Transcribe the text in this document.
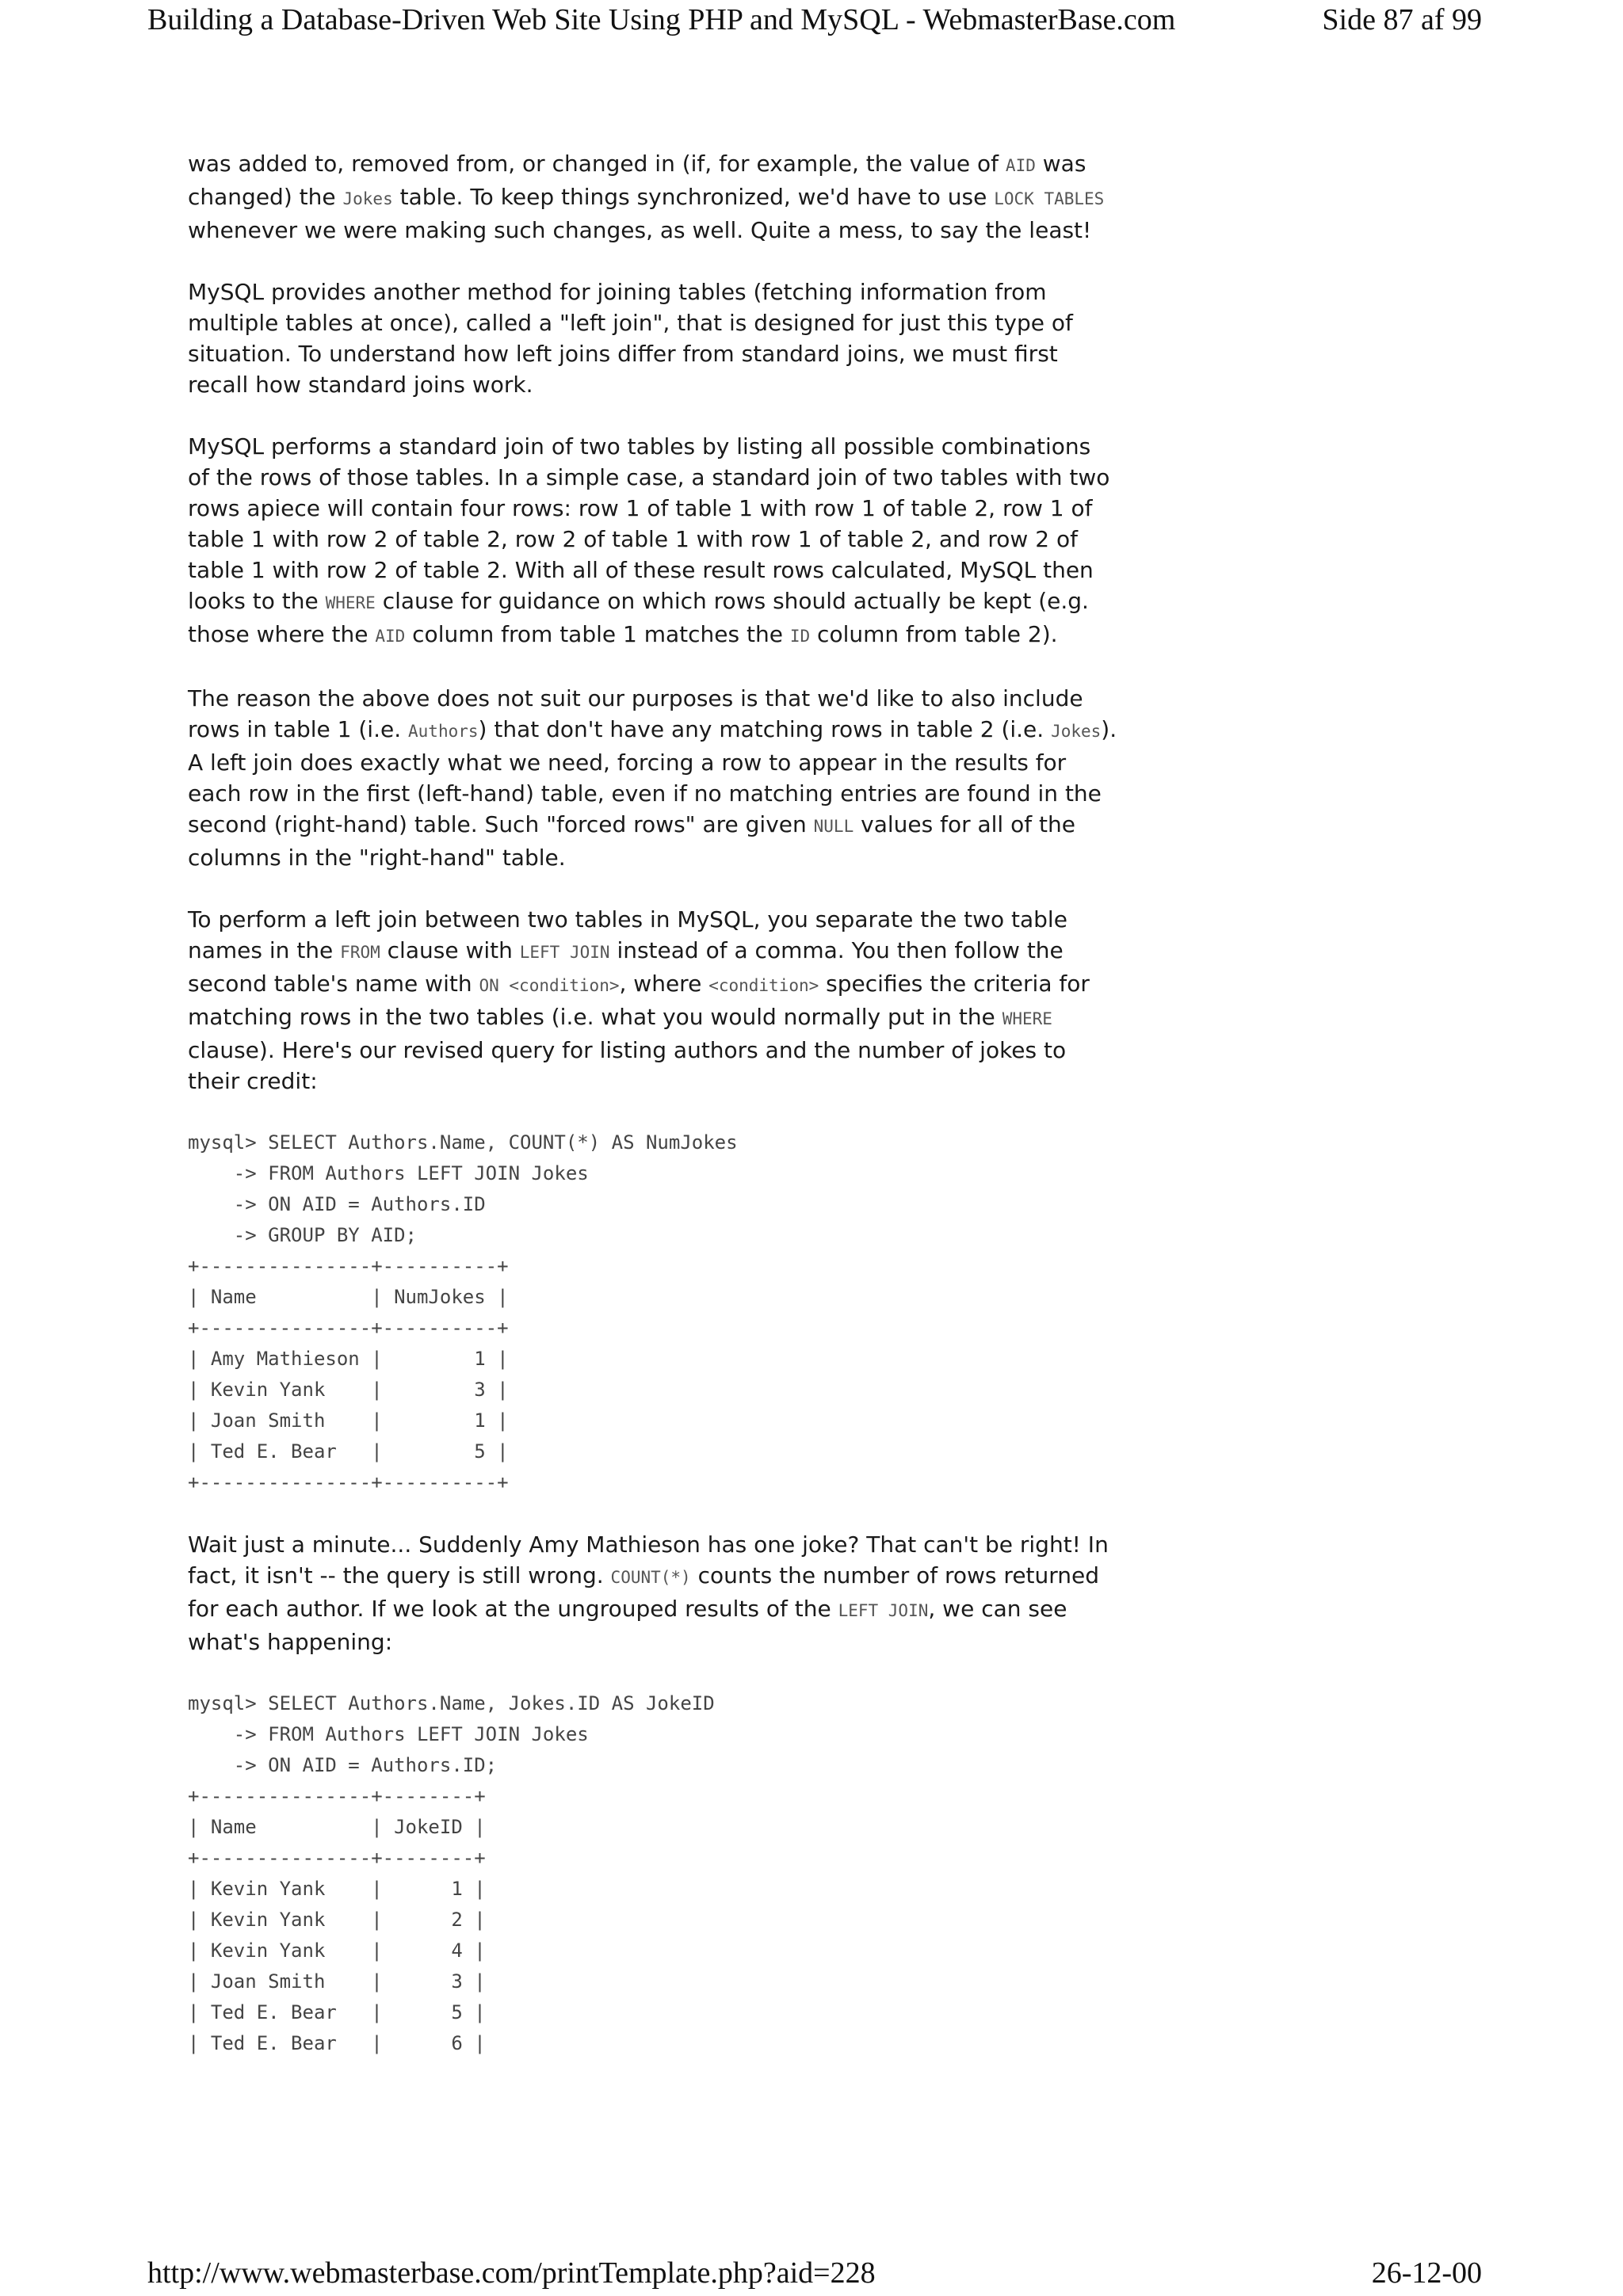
Building a Database-Driven Web Site Using PHP and MySQL - WebmasterBase.com	Side 87 af 99

was added to, removed from, or changed in (if, for example, the value of AID was changed) the Jokes table. To keep things synchronized, we'd have to use LOCK TABLES whenever we were making such changes, as well. Quite a mess, to say the least!

MySQL provides another method for joining tables (fetching information from multiple tables at once), called a "left join", that is designed for just this type of situation. To understand how left joins differ from standard joins, we must first recall how standard joins work.

MySQL performs a standard join of two tables by listing all possible combinations of the rows of those tables. In a simple case, a standard join of two tables with two rows apiece will contain four rows: row 1 of table 1 with row 1 of table 2, row 1 of table 1 with row 2 of table 2, row 2 of table 1 with row 1 of table 2, and row 2 of table 1 with row 2 of table 2. With all of these result rows calculated, MySQL then looks to the WHERE clause for guidance on which rows should actually be kept (e.g. those where the AID column from table 1 matches the ID column from table 2).

The reason the above does not suit our purposes is that we'd like to also include rows in table 1 (i.e. Authors) that don't have any matching rows in table 2 (i.e. Jokes). A left join does exactly what we need, forcing a row to appear in the results for each row in the first (left-hand) table, even if no matching entries are found in the second (right-hand) table. Such "forced rows" are given NULL values for all of the columns in the "right-hand" table.

To perform a left join between two tables in MySQL, you separate the two table names in the FROM clause with LEFT JOIN instead of a comma. You then follow the second table's name with ON <condition>, where <condition> specifies the criteria for matching rows in the two tables (i.e. what you would normally put in the WHERE clause). Here's our revised query for listing authors and the number of jokes to their credit:

mysql> SELECT Authors.Name, COUNT(*) AS NumJokes
-> FROM Authors LEFT JOIN Jokes
-> ON AID = Authors.ID
-> GROUP BY AID;
+---------------+----------+
| Name          | NumJokes |
+---------------+----------+
| Amy Mathieson |        1 |
| Kevin Yank    |        3 |
| Joan Smith    |        1 |
| Ted E. Bear   |        5 |
+---------------+----------+

Wait just a minute... Suddenly Amy Mathieson has one joke? That can't be right! In fact, it isn't -- the query is still wrong. COUNT(*) counts the number of rows returned for each author. If we look at the ungrouped results of the LEFT JOIN, we can see what's happening:

mysql> SELECT Authors.Name, Jokes.ID AS JokeID
-> FROM Authors LEFT JOIN Jokes
-> ON AID = Authors.ID;
+---------------+--------+
| Name          | JokeID |
+---------------+--------+
| Kevin Yank    |      1 |
| Kevin Yank    |      2 |
| Kevin Yank    |      4 |
| Joan Smith    |      3 |
| Ted E. Bear   |      5 |
| Ted E. Bear   |      6 |
http://www.webmasterbase.com/printTemplate.php?aid=228	26-12-00
